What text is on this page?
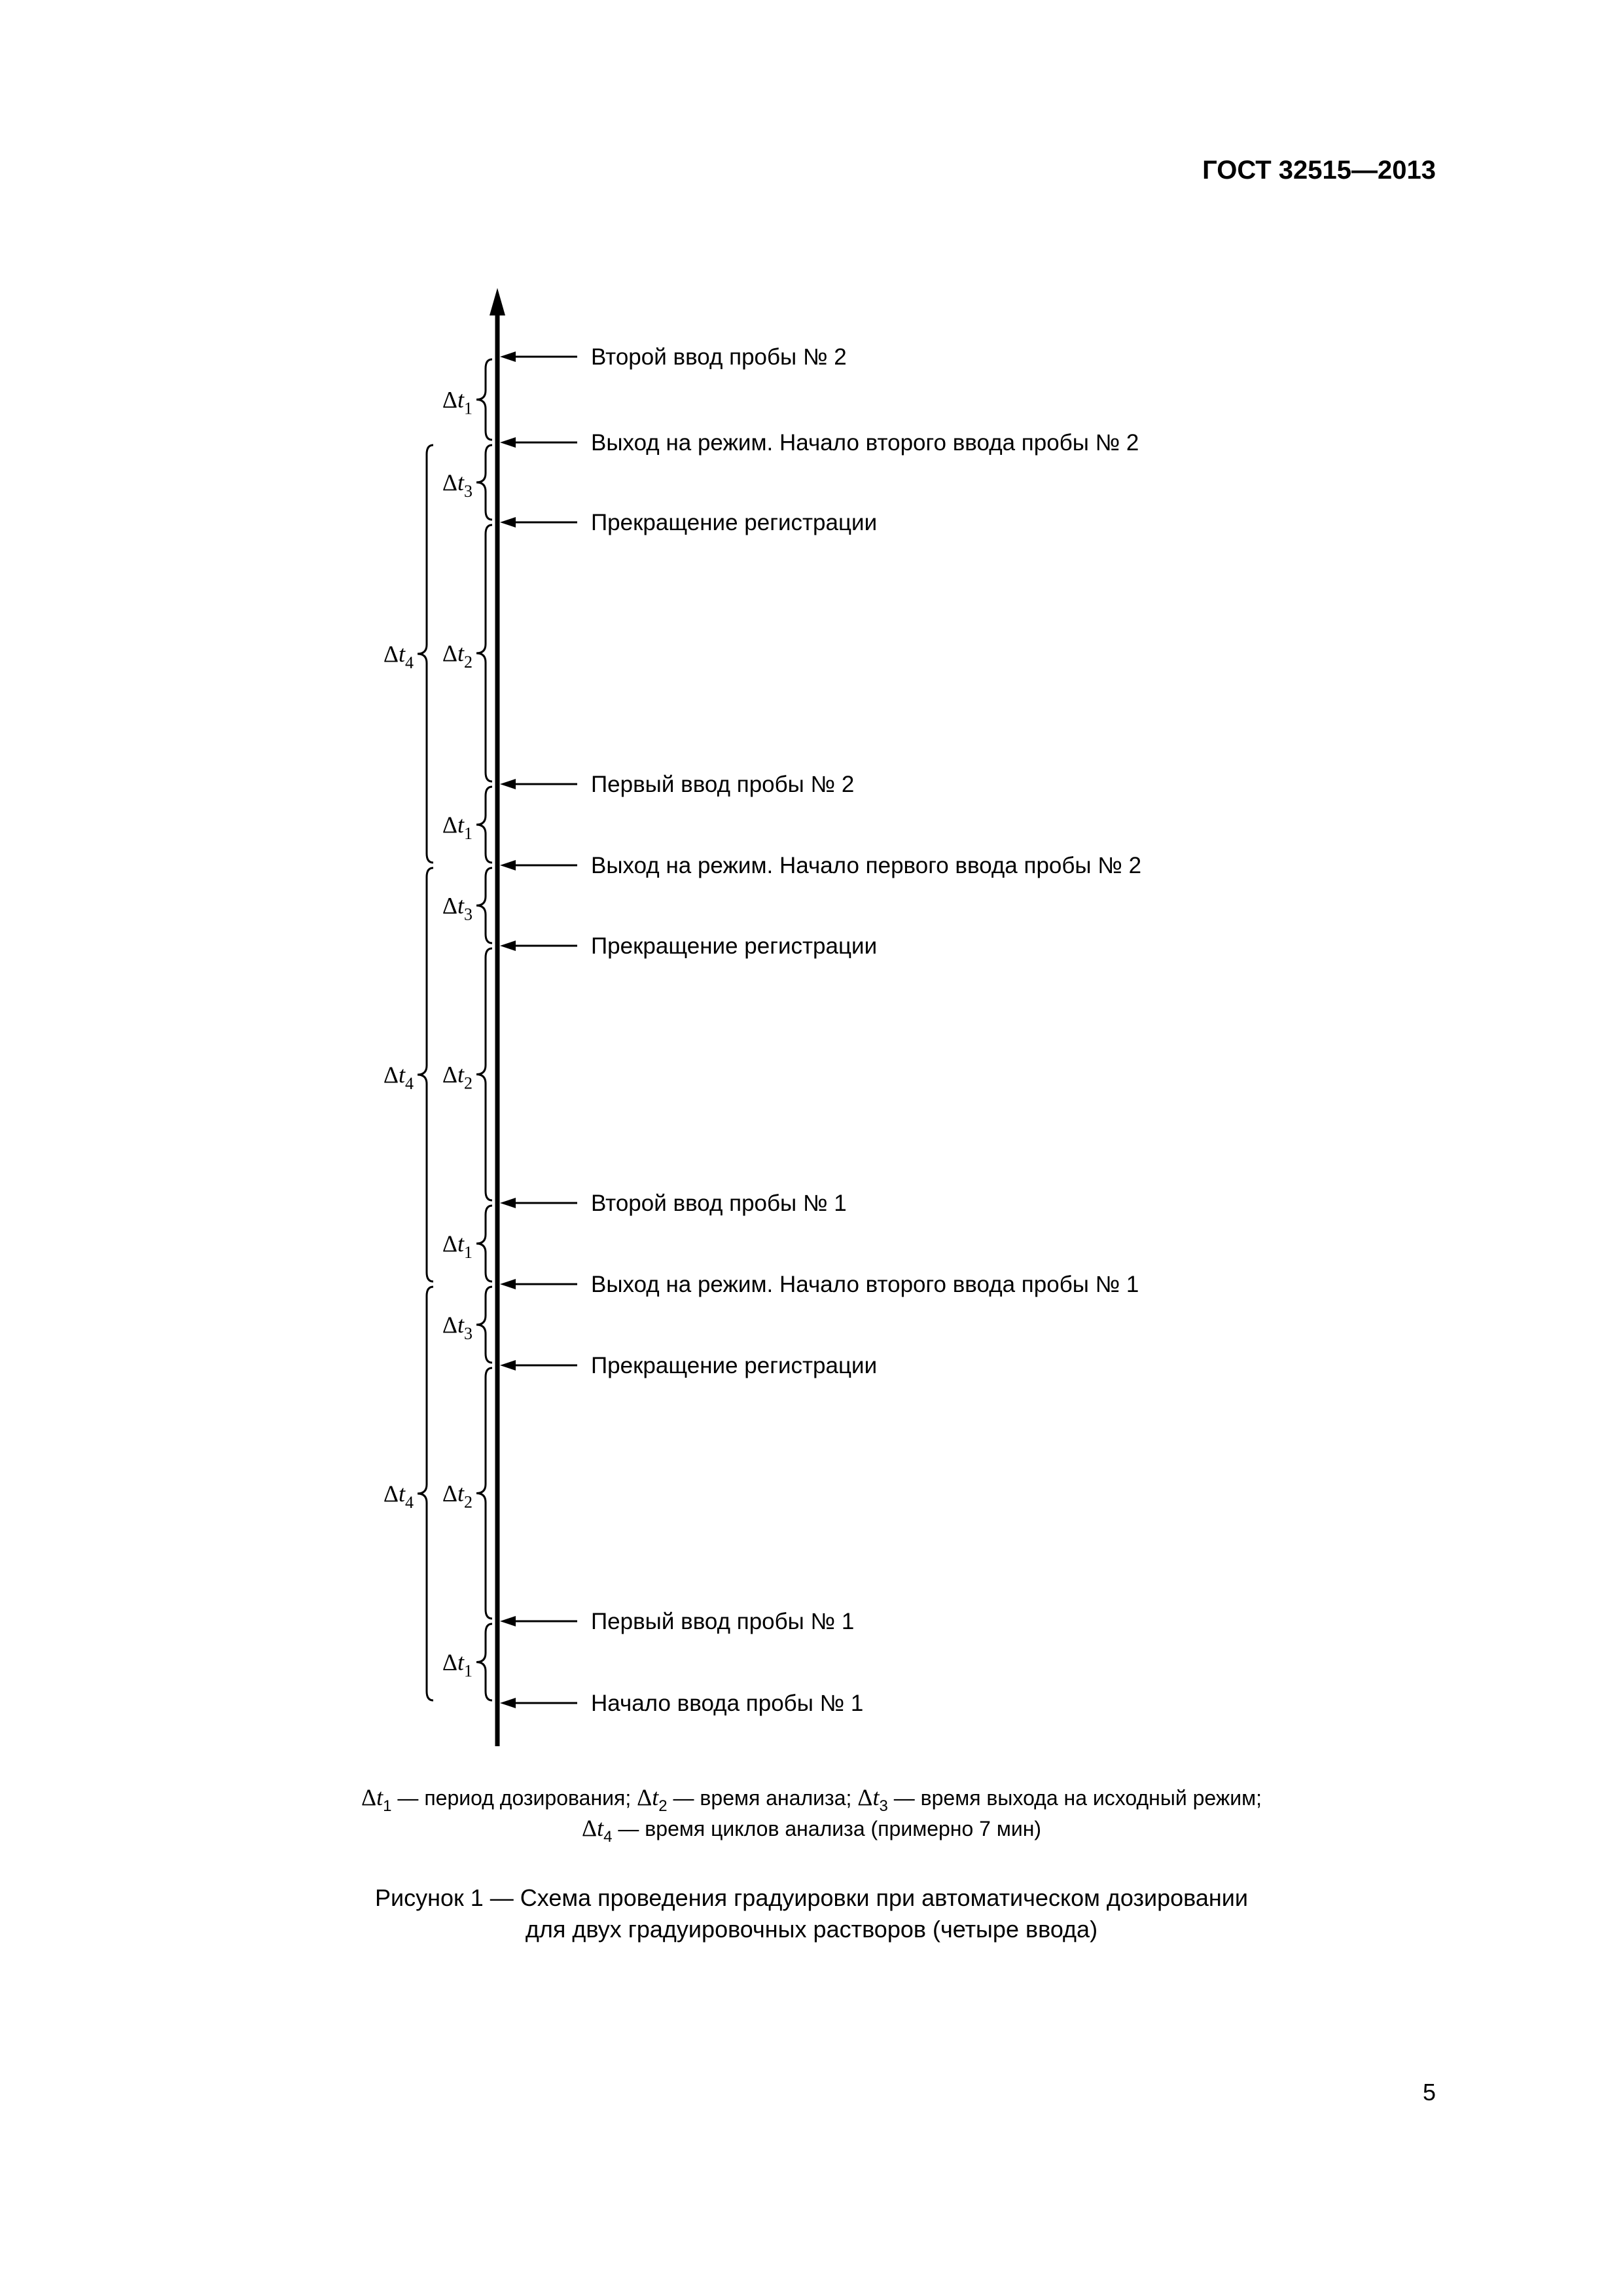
ГОСТ 32515—2013
Второй ввод пробы № 2
Выход на режим. Начало второго ввода пробы № 2
Прекращение регистрации
Первый ввод пробы № 2
Выход на режим. Начало первого ввода пробы № 2
Прекращение регистрации
Второй ввод пробы № 1
Выход на режим. Начало второго ввода пробы № 1
Прекращение регистрации
Первый ввод пробы № 1
Начало ввода пробы № 1
$\Delta t_1$
$\Delta t_3$
$\Delta t_2$
$\Delta t_1$
$\Delta t_3$
$\Delta t_2$
$\Delta t_1$
$\Delta t_3$
$\Delta t_2$
$\Delta t_1$
$\Delta t_4$
$\Delta t_4$
$\Delta t_4$
$\Delta t_1$ — период дозирования; $\Delta t_2$ — время анализа; $\Delta t_3$ — время выхода на исходный режим;
$\Delta t_4$ — время циклов анализа (примерно 7 мин)
Рисунок 1 — Схема проведения градуировки при автоматическом дозировании
для двух градуировочных растворов (четыре ввода)
5
